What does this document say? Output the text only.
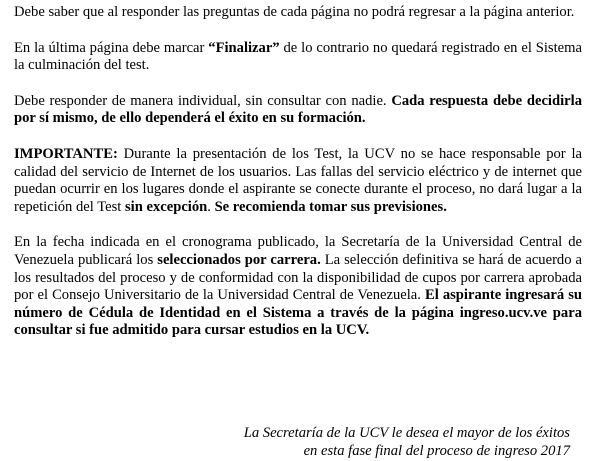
Debe saber que al responder las preguntas de cada página no podrá regresar a la página anterior.

En la última página debe marcar “Finalizar” de lo contrario no quedará registrado en el Sistema la culminación del test.

Debe responder de manera individual, sin consultar con nadie. Cada respuesta debe decidirla por sí mismo, de ello dependerá el éxito en su formación.

IMPORTANTE: Durante la presentación de los Test, la UCV no se hace responsable por la calidad del servicio de Internet de los usuarios. Las fallas del servicio eléctrico y de internet que puedan ocurrir en los lugares donde el aspirante se conecte durante el proceso, no dará lugar a la repetición del Test sin excepción. Se recomienda tomar sus previsiones.

En la fecha indicada en el cronograma publicado, la Secretaría de la Universidad Central de Venezuela publicará los seleccionados por carrera. La selección definitiva se hará de acuerdo a los resultados del proceso y de conformidad con la disponibilidad de cupos por carrera aprobada por el Consejo Universitario de la Universidad Central de Venezuela. El aspirante ingresará su número de Cédula de Identidad en el Sistema a través de la página ingreso.ucv.ve para consultar si fue admitido para cursar estudios en la UCV.

La Secretaría de la UCV le desea el mayor de los éxitos
en esta fase final del proceso de ingreso 2017
